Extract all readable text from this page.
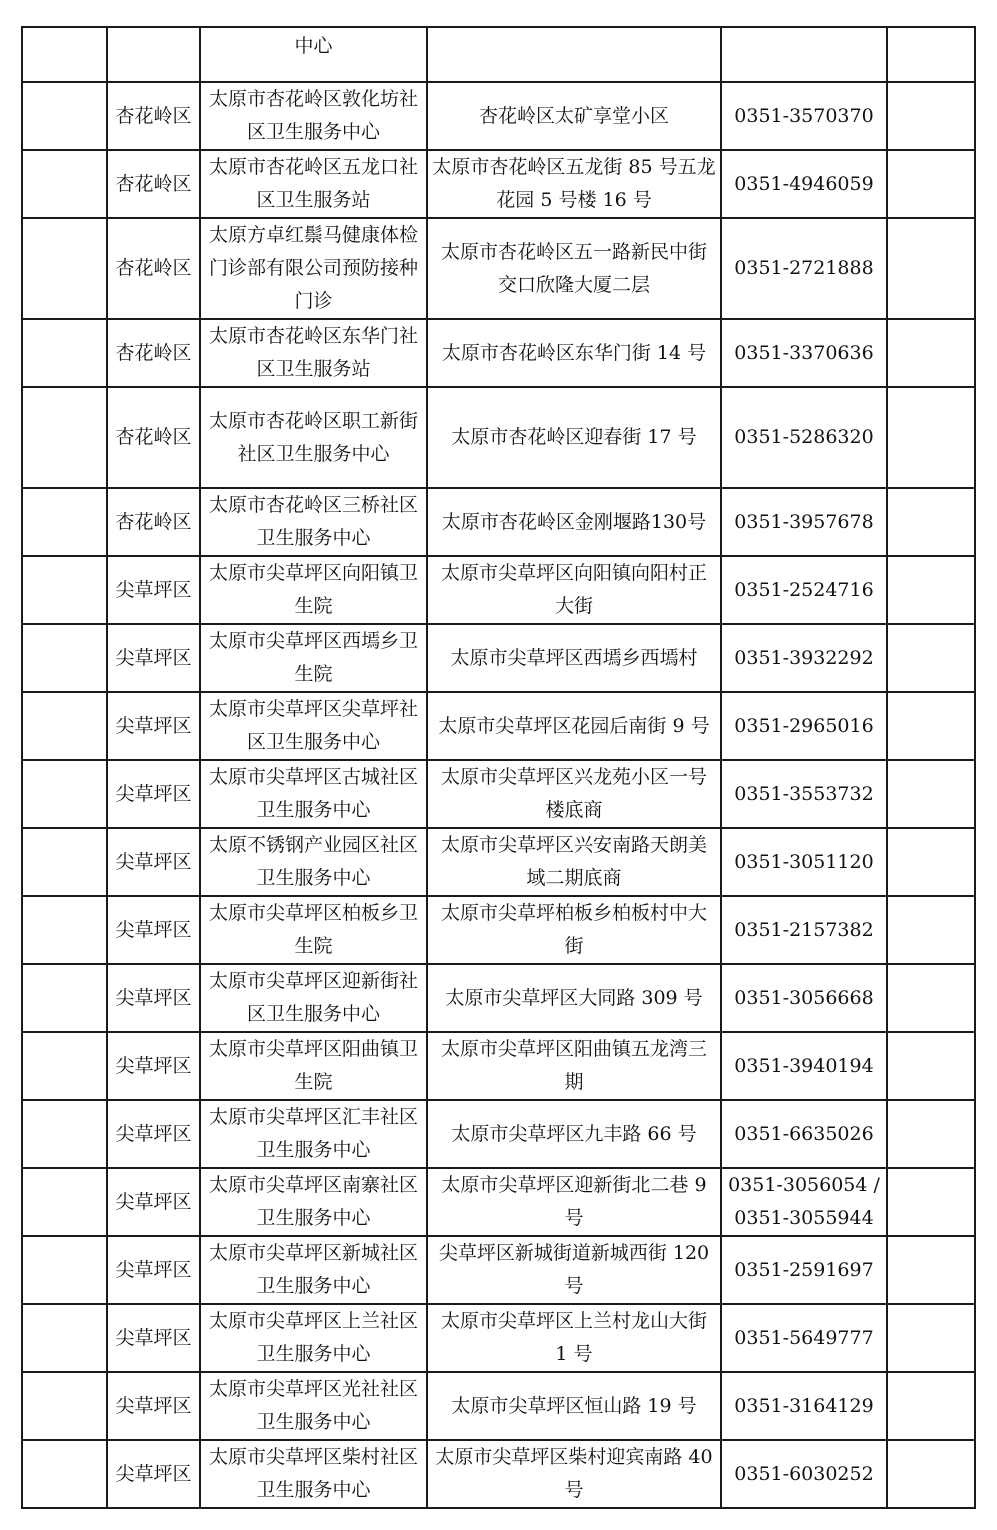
		中心			
	杏花岭区	太原市杏花岭区敦化坊社区卫生服务中心	杏花岭区太矿享堂小区	0351-3570370	
	杏花岭区	太原市杏花岭区五龙口社区卫生服务站	太原市杏花岭区五龙街 85 号五龙花园 5 号楼 16 号	0351-4946059	
	杏花岭区	太原方卓红鬃马健康体检门诊部有限公司预防接种门诊	太原市杏花岭区五一路新民中街交口欣隆大厦二层	0351-2721888	
	杏花岭区	太原市杏花岭区东华门社区卫生服务站	太原市杏花岭区东华门街 14 号	0351-3370636	
	杏花岭区	太原市杏花岭区职工新街社区卫生服务中心	太原市杏花岭区迎春街 17 号	0351-5286320	
	杏花岭区	太原市杏花岭区三桥社区卫生服务中心	太原市杏花岭区金刚堰路130号	0351-3957678	
	尖草坪区	太原市尖草坪区向阳镇卫生院	太原市尖草坪区向阳镇向阳村正大街	0351-2524716	
	尖草坪区	太原市尖草坪区西墕乡卫生院	太原市尖草坪区西墕乡西墕村	0351-3932292	
	尖草坪区	太原市尖草坪区尖草坪社区卫生服务中心	太原市尖草坪区花园后南街 9 号	0351-2965016	
	尖草坪区	太原市尖草坪区古城社区卫生服务中心	太原市尖草坪区兴龙苑小区一号楼底商	0351-3553732	
	尖草坪区	太原不锈钢产业园区社区卫生服务中心	太原市尖草坪区兴安南路天朗美域二期底商	0351-3051120	
	尖草坪区	太原市尖草坪区柏板乡卫生院	太原市尖草坪柏板乡柏板村中大街	0351-2157382	
	尖草坪区	太原市尖草坪区迎新街社区卫生服务中心	太原市尖草坪区大同路 309 号	0351-3056668	
	尖草坪区	太原市尖草坪区阳曲镇卫生院	太原市尖草坪区阳曲镇五龙湾三期	0351-3940194	
	尖草坪区	太原市尖草坪区汇丰社区卫生服务中心	太原市尖草坪区九丰路 66 号	0351-6635026	
	尖草坪区	太原市尖草坪区南寨社区卫生服务中心	太原市尖草坪区迎新街北二巷 9 号	0351-3056054 /0351-3055944	
	尖草坪区	太原市尖草坪区新城社区卫生服务中心	尖草坪区新城街道新城西街 120 号	0351-2591697	
	尖草坪区	太原市尖草坪区上兰社区卫生服务中心	太原市尖草坪区上兰村龙山大街 1 号	0351-5649777	
	尖草坪区	太原市尖草坪区光社社区卫生服务中心	太原市尖草坪区恒山路 19 号	0351-3164129	
	尖草坪区	太原市尖草坪区柴村社区卫生服务中心	太原市尖草坪区柴村迎宾南路 40 号	0351-6030252	
